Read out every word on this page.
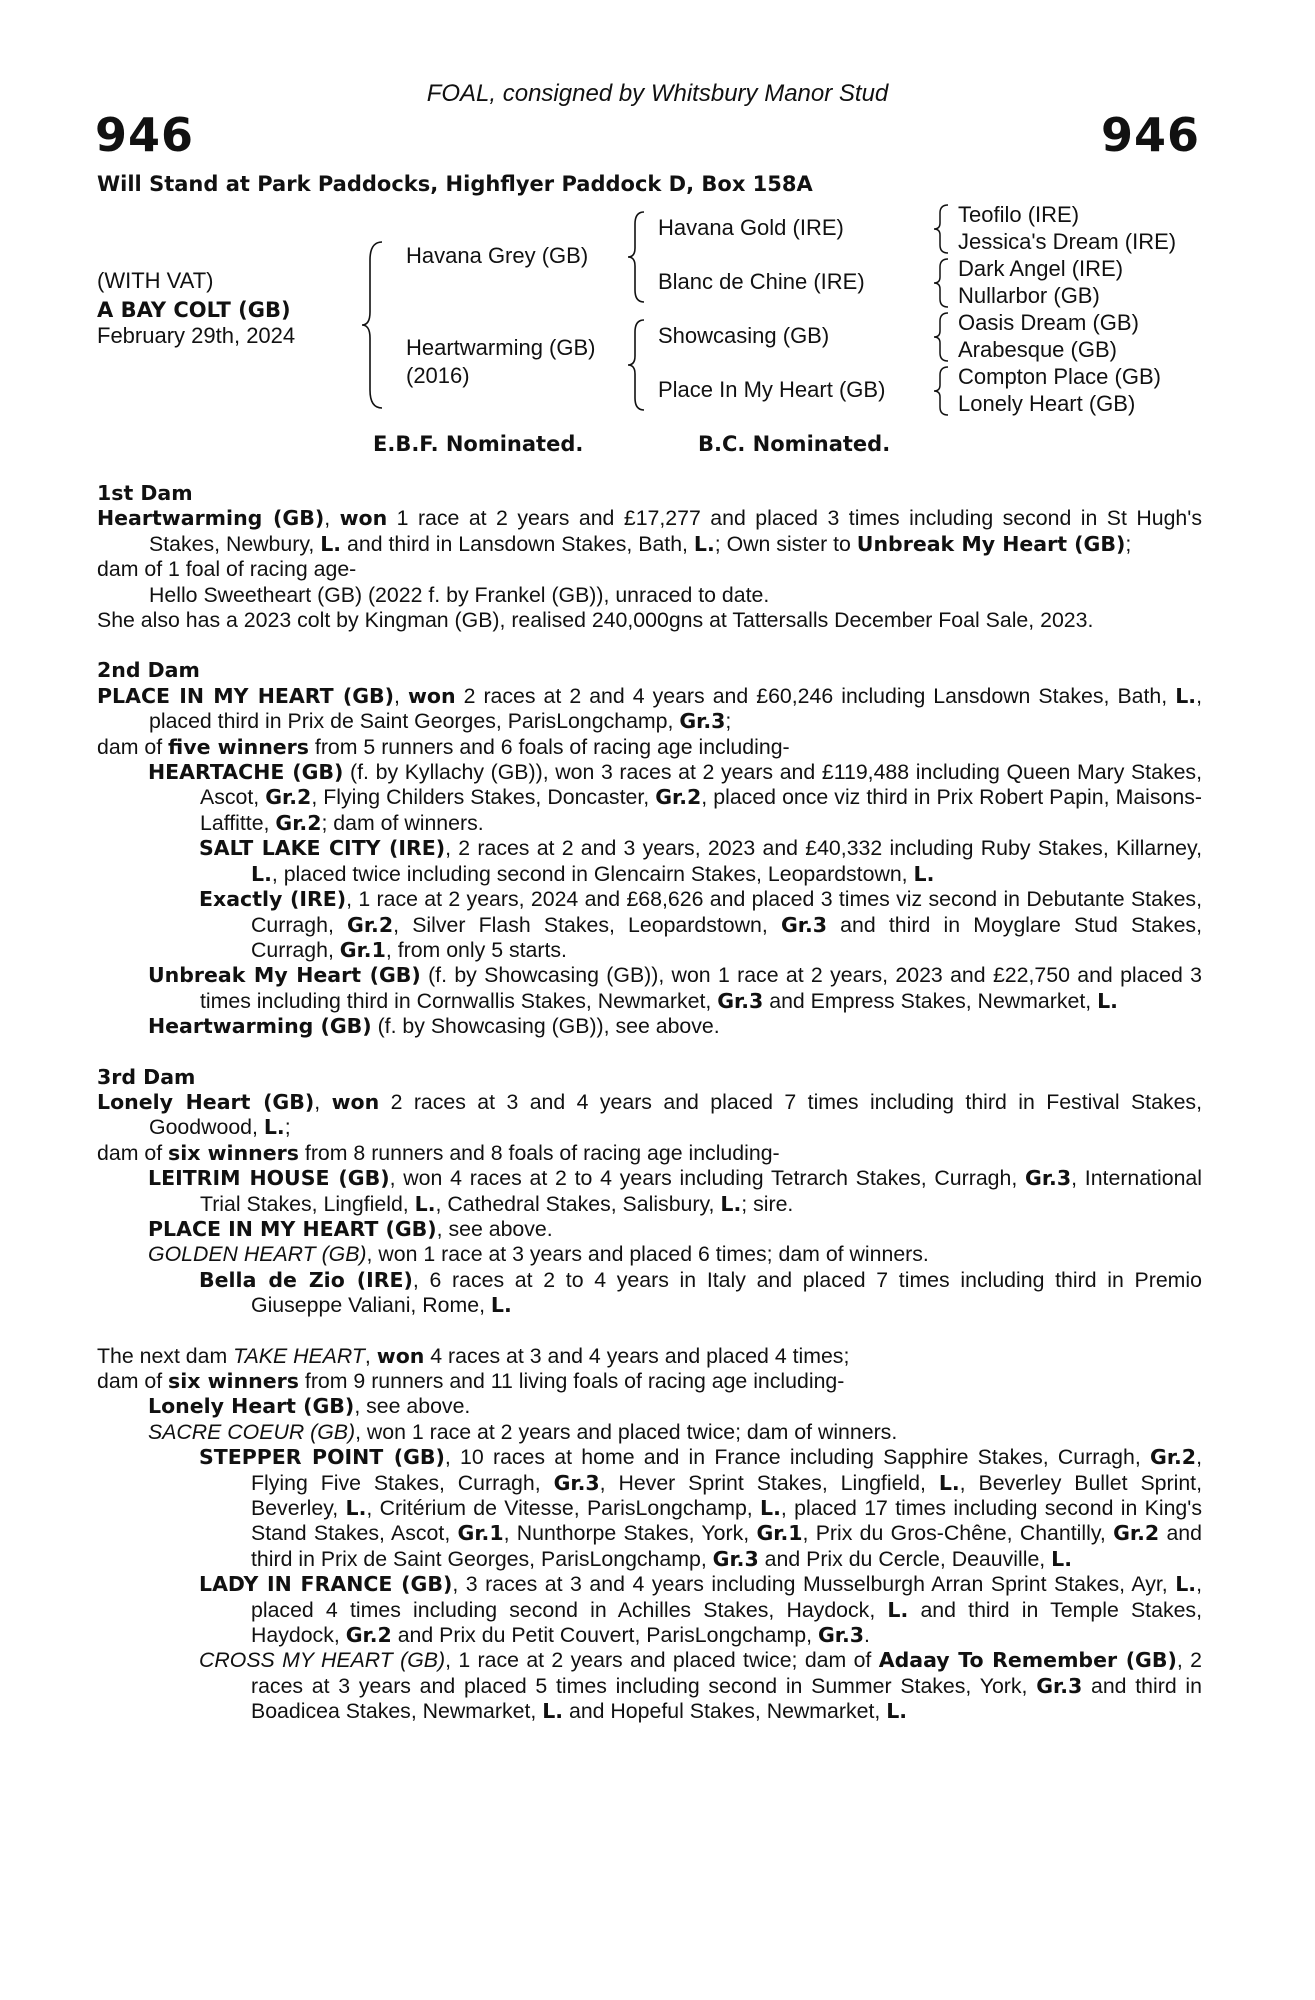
FOAL, consigned by Whitsbury Manor Stud
946	946
Will Stand at Park Paddocks, Highflyer Paddock D, Box 158A
(WITH VAT)
A BAY COLT (GB)
February 29th, 2024
Havana Grey (GB)
Heartwarming (GB)
(2016)
Havana Gold (IRE)
Blanc de Chine (IRE)
Showcasing (GB)
Place In My Heart (GB)
Teofilo (IRE)
Jessica's Dream (IRE)
Dark Angel (IRE)
Nullarbor (GB)
Oasis Dream (GB)
Arabesque (GB)
Compton Place (GB)
Lonely Heart (GB)
E.B.F. Nominated.	B.C. Nominated.

1st Dam

Heartwarming (GB), won 1 race at 2 years and £17,277 and placed 3 times including second in St Hugh's Stakes, Newbury, L. and third in Lansdown Stakes, Bath, L.; Own sister to Unbreak My Heart (GB);

dam of 1 foal of racing age-

Hello Sweetheart (GB) (2022 f. by Frankel (GB)), unraced to date.

She also has a 2023 colt by Kingman (GB), realised 240,000gns at Tattersalls December Foal Sale, 2023.

2nd Dam

PLACE IN MY HEART (GB), won 2 races at 2 and 4 years and £60,246 including Lansdown Stakes, Bath, L., placed third in Prix de Saint Georges, ParisLongchamp, Gr.3;

dam of five winners from 5 runners and 6 foals of racing age including-

HEARTACHE (GB) (f. by Kyllachy (GB)), won 3 races at 2 years and £119,488 including Queen Mary Stakes, Ascot, Gr.2, Flying Childers Stakes, Doncaster, Gr.2, placed once viz third in Prix Robert Papin, Maisons-Laffitte, Gr.2; dam of winners.

SALT LAKE CITY (IRE), 2 races at 2 and 3 years, 2023 and £40,332 including Ruby Stakes, Killarney, L., placed twice including second in Glencairn Stakes, Leopardstown, L.

Exactly (IRE), 1 race at 2 years, 2024 and £68,626 and placed 3 times viz second in Debutante Stakes, Curragh, Gr.2, Silver Flash Stakes, Leopardstown, Gr.3 and third in Moyglare Stud Stakes, Curragh, Gr.1, from only 5 starts.

Unbreak My Heart (GB) (f. by Showcasing (GB)), won 1 race at 2 years, 2023 and £22,750 and placed 3 times including third in Cornwallis Stakes, Newmarket, Gr.3 and Empress Stakes, Newmarket, L.

Heartwarming (GB) (f. by Showcasing (GB)), see above.

3rd Dam

Lonely Heart (GB), won 2 races at 3 and 4 years and placed 7 times including third in Festival Stakes, Goodwood, L.;

dam of six winners from 8 runners and 8 foals of racing age including-

LEITRIM HOUSE (GB), won 4 races at 2 to 4 years including Tetrarch Stakes, Curragh, Gr.3, International Trial Stakes, Lingfield, L., Cathedral Stakes, Salisbury, L.; sire.

PLACE IN MY HEART (GB), see above.

GOLDEN HEART (GB), won 1 race at 3 years and placed 6 times; dam of winners.

Bella de Zio (IRE), 6 races at 2 to 4 years in Italy and placed 7 times including third in Premio Giuseppe Valiani, Rome, L.

The next dam TAKE HEART, won 4 races at 3 and 4 years and placed 4 times;

dam of six winners from 9 runners and 11 living foals of racing age including-

Lonely Heart (GB), see above.

SACRE COEUR (GB), won 1 race at 2 years and placed twice; dam of winners.

STEPPER POINT (GB), 10 races at home and in France including Sapphire Stakes, Curragh, Gr.2, Flying Five Stakes, Curragh, Gr.3, Hever Sprint Stakes, Lingfield, L., Beverley Bullet Sprint, Beverley, L., Critérium de Vitesse, ParisLongchamp, L., placed 17 times including second in King's Stand Stakes, Ascot, Gr.1, Nunthorpe Stakes, York, Gr.1, Prix du Gros-Chêne, Chantilly, Gr.2 and third in Prix de Saint Georges, ParisLongchamp, Gr.3 and Prix du Cercle, Deauville, L.

LADY IN FRANCE (GB), 3 races at 3 and 4 years including Musselburgh Arran Sprint Stakes, Ayr, L., placed 4 times including second in Achilles Stakes, Haydock, L. and third in Temple Stakes, Haydock, Gr.2 and Prix du Petit Couvert, ParisLongchamp, Gr.3.

CROSS MY HEART (GB), 1 race at 2 years and placed twice; dam of Adaay To Remember (GB), 2 races at 3 years and placed 5 times including second in Summer Stakes, York, Gr.3 and third in Boadicea Stakes, Newmarket, L. and Hopeful Stakes, Newmarket, L.
